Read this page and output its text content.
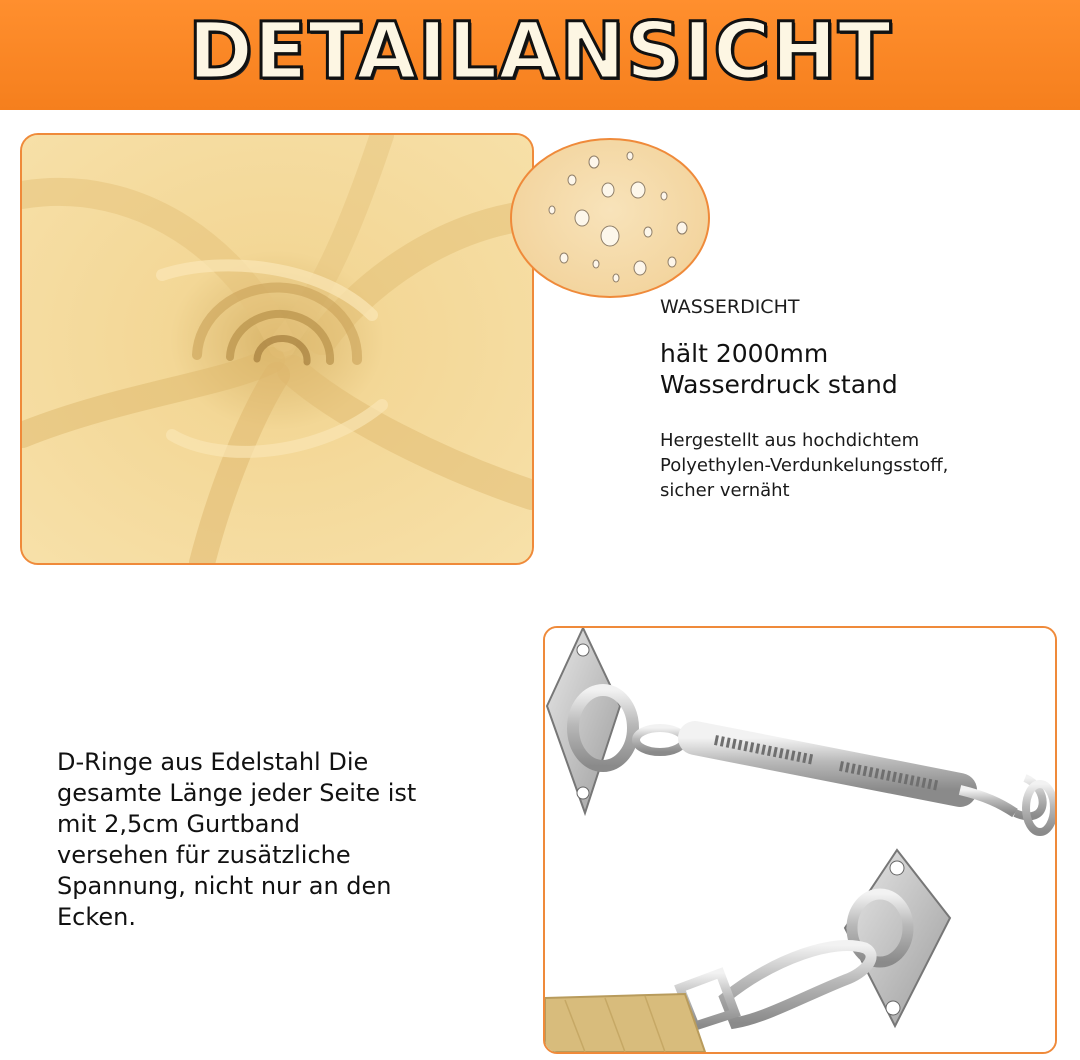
DETAILANSICHT
WASSERDICHT
hält 2000mm
Wasserdruck stand
Hergestellt aus hochdichtem
Polyethylen-Verdunkelungsstoff,
sicher vernäht
D-Ringe aus Edelstahl Die
gesamte Länge jeder Seite ist
mit 2,5cm Gurtband
versehen für zusätzliche
Spannung, nicht nur an den
Ecken.
